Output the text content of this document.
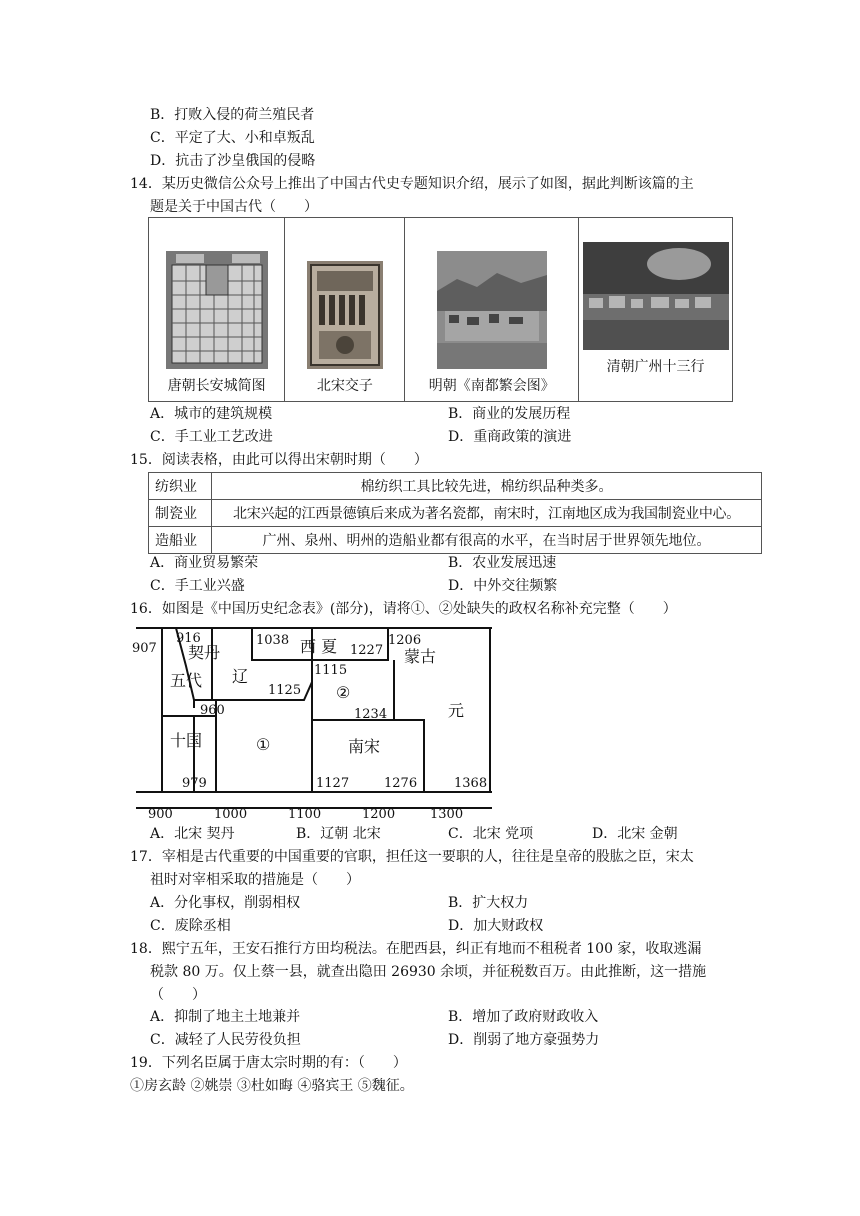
B．打败入侵的荷兰殖民者
C．平定了大、小和卓叛乱
D．抗击了沙皇俄国的侵略
14．某历史微信公众号上推出了中国古代史专题知识介绍，展示了如图，据此判断该篇的主
题是关于中国古代（　　）
唐朝长安城简图	北宋交子	明朝《南都繁会图》

清朝广州十三行
A．城市的建筑规模	B．商业的发展历程
C．手工业工艺改进	D．重商政策的演进
15．阅读表格，由此可以得出宋朝时期（　　）
纺织业	棉纺织工具比较先进，棉纺织品种类多。
制瓷业	北宋兴起的江西景德镇后来成为著名瓷都，南宋时，江南地区成为我国制瓷业中心。
造船业	广州、泉州、明州的造船业都有很高的水平，在当时居于世界领先地位。
A．商业贸易繁荣	B．农业发展迅速
C．手工业兴盛	D．中外交往频繁
16．如图是《中国历史纪念表》(部分)，请将①、②处缺失的政权名称补充完整（　　）
907
916	1038
1227
1206
1125
1115
960	1234
979	1127	1276	1368
契丹
辽
西 夏
蒙古
五代
十国	①
②
南宋
元
900	1000	1100	1200	1300
A．北宋 契丹	B．辽朝 北宋	C．北宋 党项	D．北宋 金朝
17．宰相是古代重要的中国重要的官职，担任这一要职的人，往往是皇帝的股肱之臣，宋太
祖时对宰相采取的措施是（　　）
A．分化事权，削弱相权	B．扩大权力
C．废除丞相	D．加大财政权
18．熙宁五年，王安石推行方田均税法。在肥西县，纠正有地而不租税者 100 家，收取逃漏
税款 80 万。仅上蔡一县，就查出隐田 26930 余顷，并征税数百万。由此推断，这一措施
（　　）
A．抑制了地主土地兼并	B．增加了政府财政收入
C．减轻了人民劳役负担	D．削弱了地方豪强势力
19．下列名臣属于唐太宗时期的有：（　　）
①房玄龄 ②姚崇 ③杜如晦 ④骆宾王 ⑤魏征。
